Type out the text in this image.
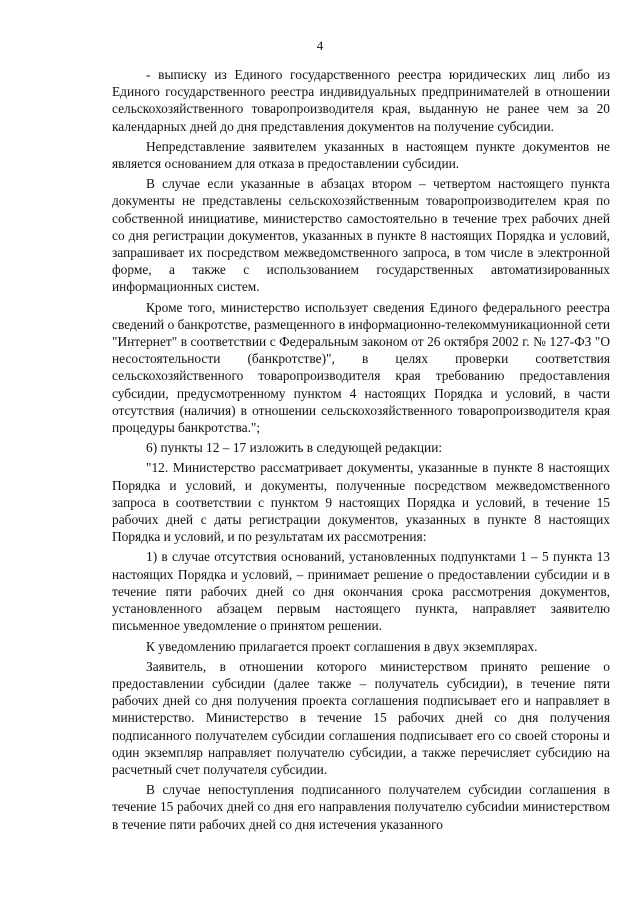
4

- выписку из Единого государственного реестра юридических лиц либо из Единого государственного реестра индивидуальных предпринимателей в отношении сельскохозяйственного товаропроизводителя края, выданную не ранее чем за 20 календарных дней до дня представления документов на получение субсидии.

Непредставление заявителем указанных в настоящем пункте документов не является основанием для отказа в предоставлении субсидии.

В случае если указанные в абзацах втором – четвертом настоящего пункта документы не представлены сельскохозяйственным товаропроизводителем края по собственной инициативе, министерство самостоятельно в течение трех рабочих дней со дня регистрации документов, указанных в пункте 8 настоящих Порядка и условий, запрашивает их посредством межведомственного запроса, в том числе в электронной форме, а также с использованием государственных автоматизированных информационных систем.

Кроме того, министерство использует сведения Единого федерального реестра сведений о банкротстве, размещенного в информационно-телекоммуникационной сети "Интернет" в соответствии с Федеральным законом от 26 октября 2002 г. № 127-ФЗ "О несостоятельности (банкротстве)", в целях проверки соответствия сельскохозяйственного товаропроизводителя края требованию предоставления субсидии, предусмотренному пунктом 4 настоящих Порядка и условий, в части отсутствия (наличия) в отношении сельскохозяйственного товаропроизводителя края процедуры банкротства.";

6) пункты 12 – 17 изложить в следующей редакции:

"12. Министерство рассматривает документы, указанные в пункте 8 настоящих Порядка и условий, и документы, полученные посредством межведомственного запроса в соответствии с пунктом 9 настоящих Порядка и условий, в течение 15 рабочих дней с даты регистрации документов, указанных в пункте 8 настоящих Порядка и условий, и по результатам их рассмотрения:

1) в случае отсутствия оснований, установленных подпунктами 1 – 5 пункта 13 настоящих Порядка и условий, – принимает решение о предоставлении субсидии и в течение пяти рабочих дней со дня окончания срока рассмотрения документов, установленного абзацем первым настоящего пункта, направляет заявителю письменное уведомление о принятом решении.

К уведомлению прилагается проект соглашения в двух экземплярах.

Заявитель, в отношении которого министерством принято решение о предоставлении субсидии (далее также – получатель субсидии), в течение пяти рабочих дней со дня получения проекта соглашения подписывает его и направляет в министерство. Министерство в течение 15 рабочих дней со дня получения подписанного получателем субсидии соглашения подписывает его со своей стороны и один экземпляр направляет получателю субсидии, а также перечисляет субсидию на расчетный счет получателя субсидии.

В случае непоступления подписанного получателем субсидии соглашения в течение 15 рабочих дней со дня его направления получателю субсиdии министерством в течение пяти рабочих дней со дня истечения указанного
